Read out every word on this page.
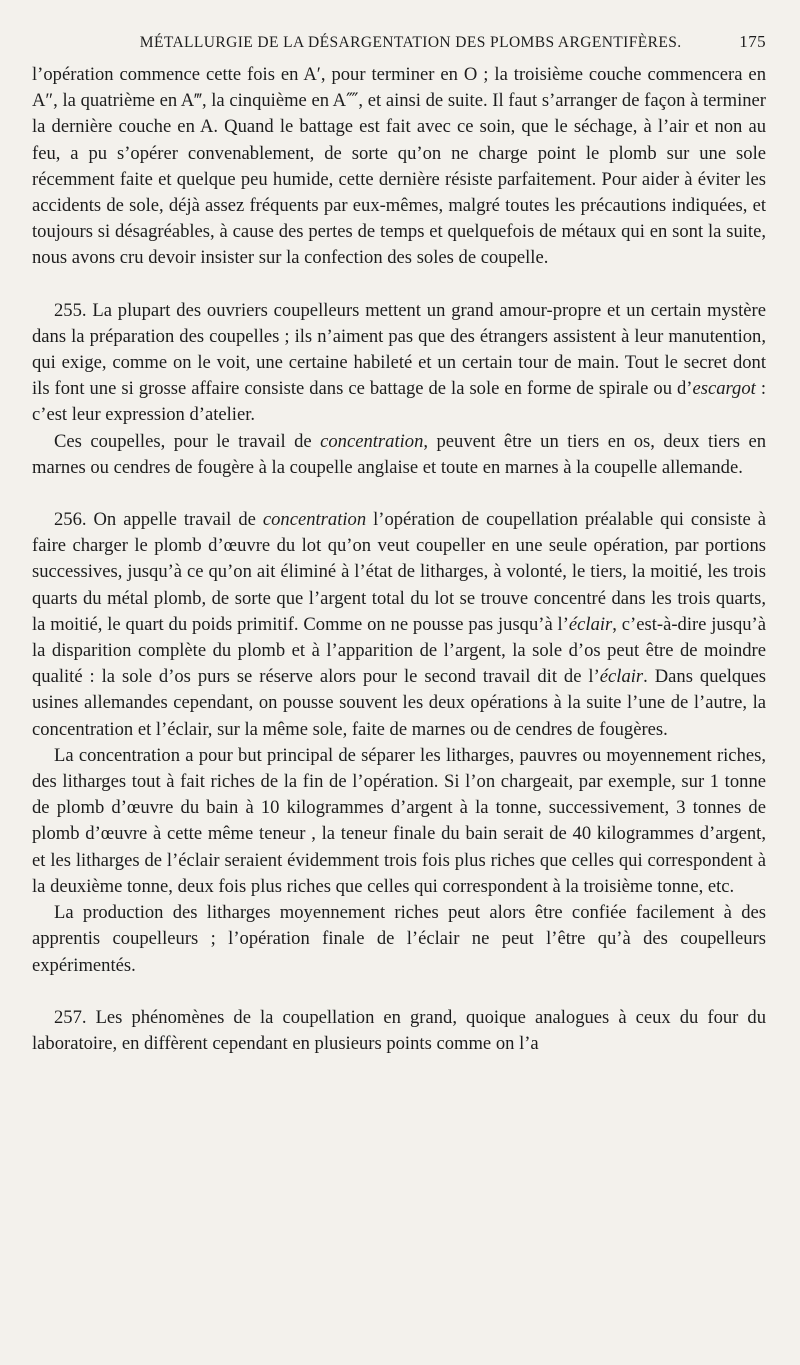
MÉTALLURGIE DE LA DÉSARGENTATION DES PLOMBS ARGENTIFÈRES.	175

l’opération commence cette fois en A′, pour terminer en O ; la troisième couche commencera en A″, la quatrième en A‴, la cinquième en A⁗, et ainsi de suite. Il faut s’arranger de façon à terminer la dernière couche en A. Quand le battage est fait avec ce soin, que le séchage, à l’air et non au feu, a pu s’opérer convenablement, de sorte qu’on ne charge point le plomb sur une sole récemment faite et quelque peu humide, cette dernière résiste parfaitement. Pour aider à éviter les accidents de sole, déjà assez fréquents par eux-mêmes, malgré toutes les précautions indiquées, et toujours si désagréables, à cause des pertes de temps et quelquefois de métaux qui en sont la suite, nous avons cru devoir insister sur la confection des soles de coupelle.

255. La plupart des ouvriers coupelleurs mettent un grand amour-propre et un certain mystère dans la préparation des coupelles ; ils n’aiment pas que des étrangers assistent à leur manutention, qui exige, comme on le voit, une certaine habileté et un certain tour de main. Tout le secret dont ils font une si grosse affaire consiste dans ce battage de la sole en forme de spirale ou d’escargot : c’est leur expression d’atelier.

Ces coupelles, pour le travail de concentration, peuvent être un tiers en os, deux tiers en marnes ou cendres de fougère à la coupelle anglaise et toute en marnes à la coupelle allemande.

256. On appelle travail de concentration l’opération de coupellation préalable qui consiste à faire charger le plomb d’œuvre du lot qu’on veut coupeller en une seule opération, par portions successives, jusqu’à ce qu’on ait éliminé à l’état de litharges, à volonté, le tiers, la moitié, les trois quarts du métal plomb, de sorte que l’argent total du lot se trouve concentré dans les trois quarts, la moitié, le quart du poids primitif. Comme on ne pousse pas jusqu’à l’éclair, c’est-à-dire jusqu’à la disparition complète du plomb et à l’apparition de l’argent, la sole d’os peut être de moindre qualité : la sole d’os purs se réserve alors pour le second travail dit de l’éclair. Dans quelques usines allemandes cependant, on pousse souvent les deux opérations à la suite l’une de l’autre, la concentration et l’éclair, sur la même sole, faite de marnes ou de cendres de fougères.

La concentration a pour but principal de séparer les litharges, pauvres ou moyennement riches, des litharges tout à fait riches de la fin de l’opération. Si l’on chargeait, par exemple, sur 1 tonne de plomb d’œuvre du bain à 10 kilogrammes d’argent à la tonne, successivement, 3 tonnes de plomb d’œuvre à cette même teneur , la teneur finale du bain serait de 40 kilogrammes d’argent, et les litharges de l’éclair seraient évidemment trois fois plus riches que celles qui correspondent à la deuxième tonne, deux fois plus riches que celles qui correspondent à la troisième tonne, etc.

La production des litharges moyennement riches peut alors être confiée facilement à des apprentis coupelleurs ; l’opération finale de l’éclair ne peut l’être qu’à des coupelleurs expérimentés.

257. Les phénomènes de la coupellation en grand, quoique analogues à ceux du four du laboratoire, en diffèrent cependant en plusieurs points comme on l’a
